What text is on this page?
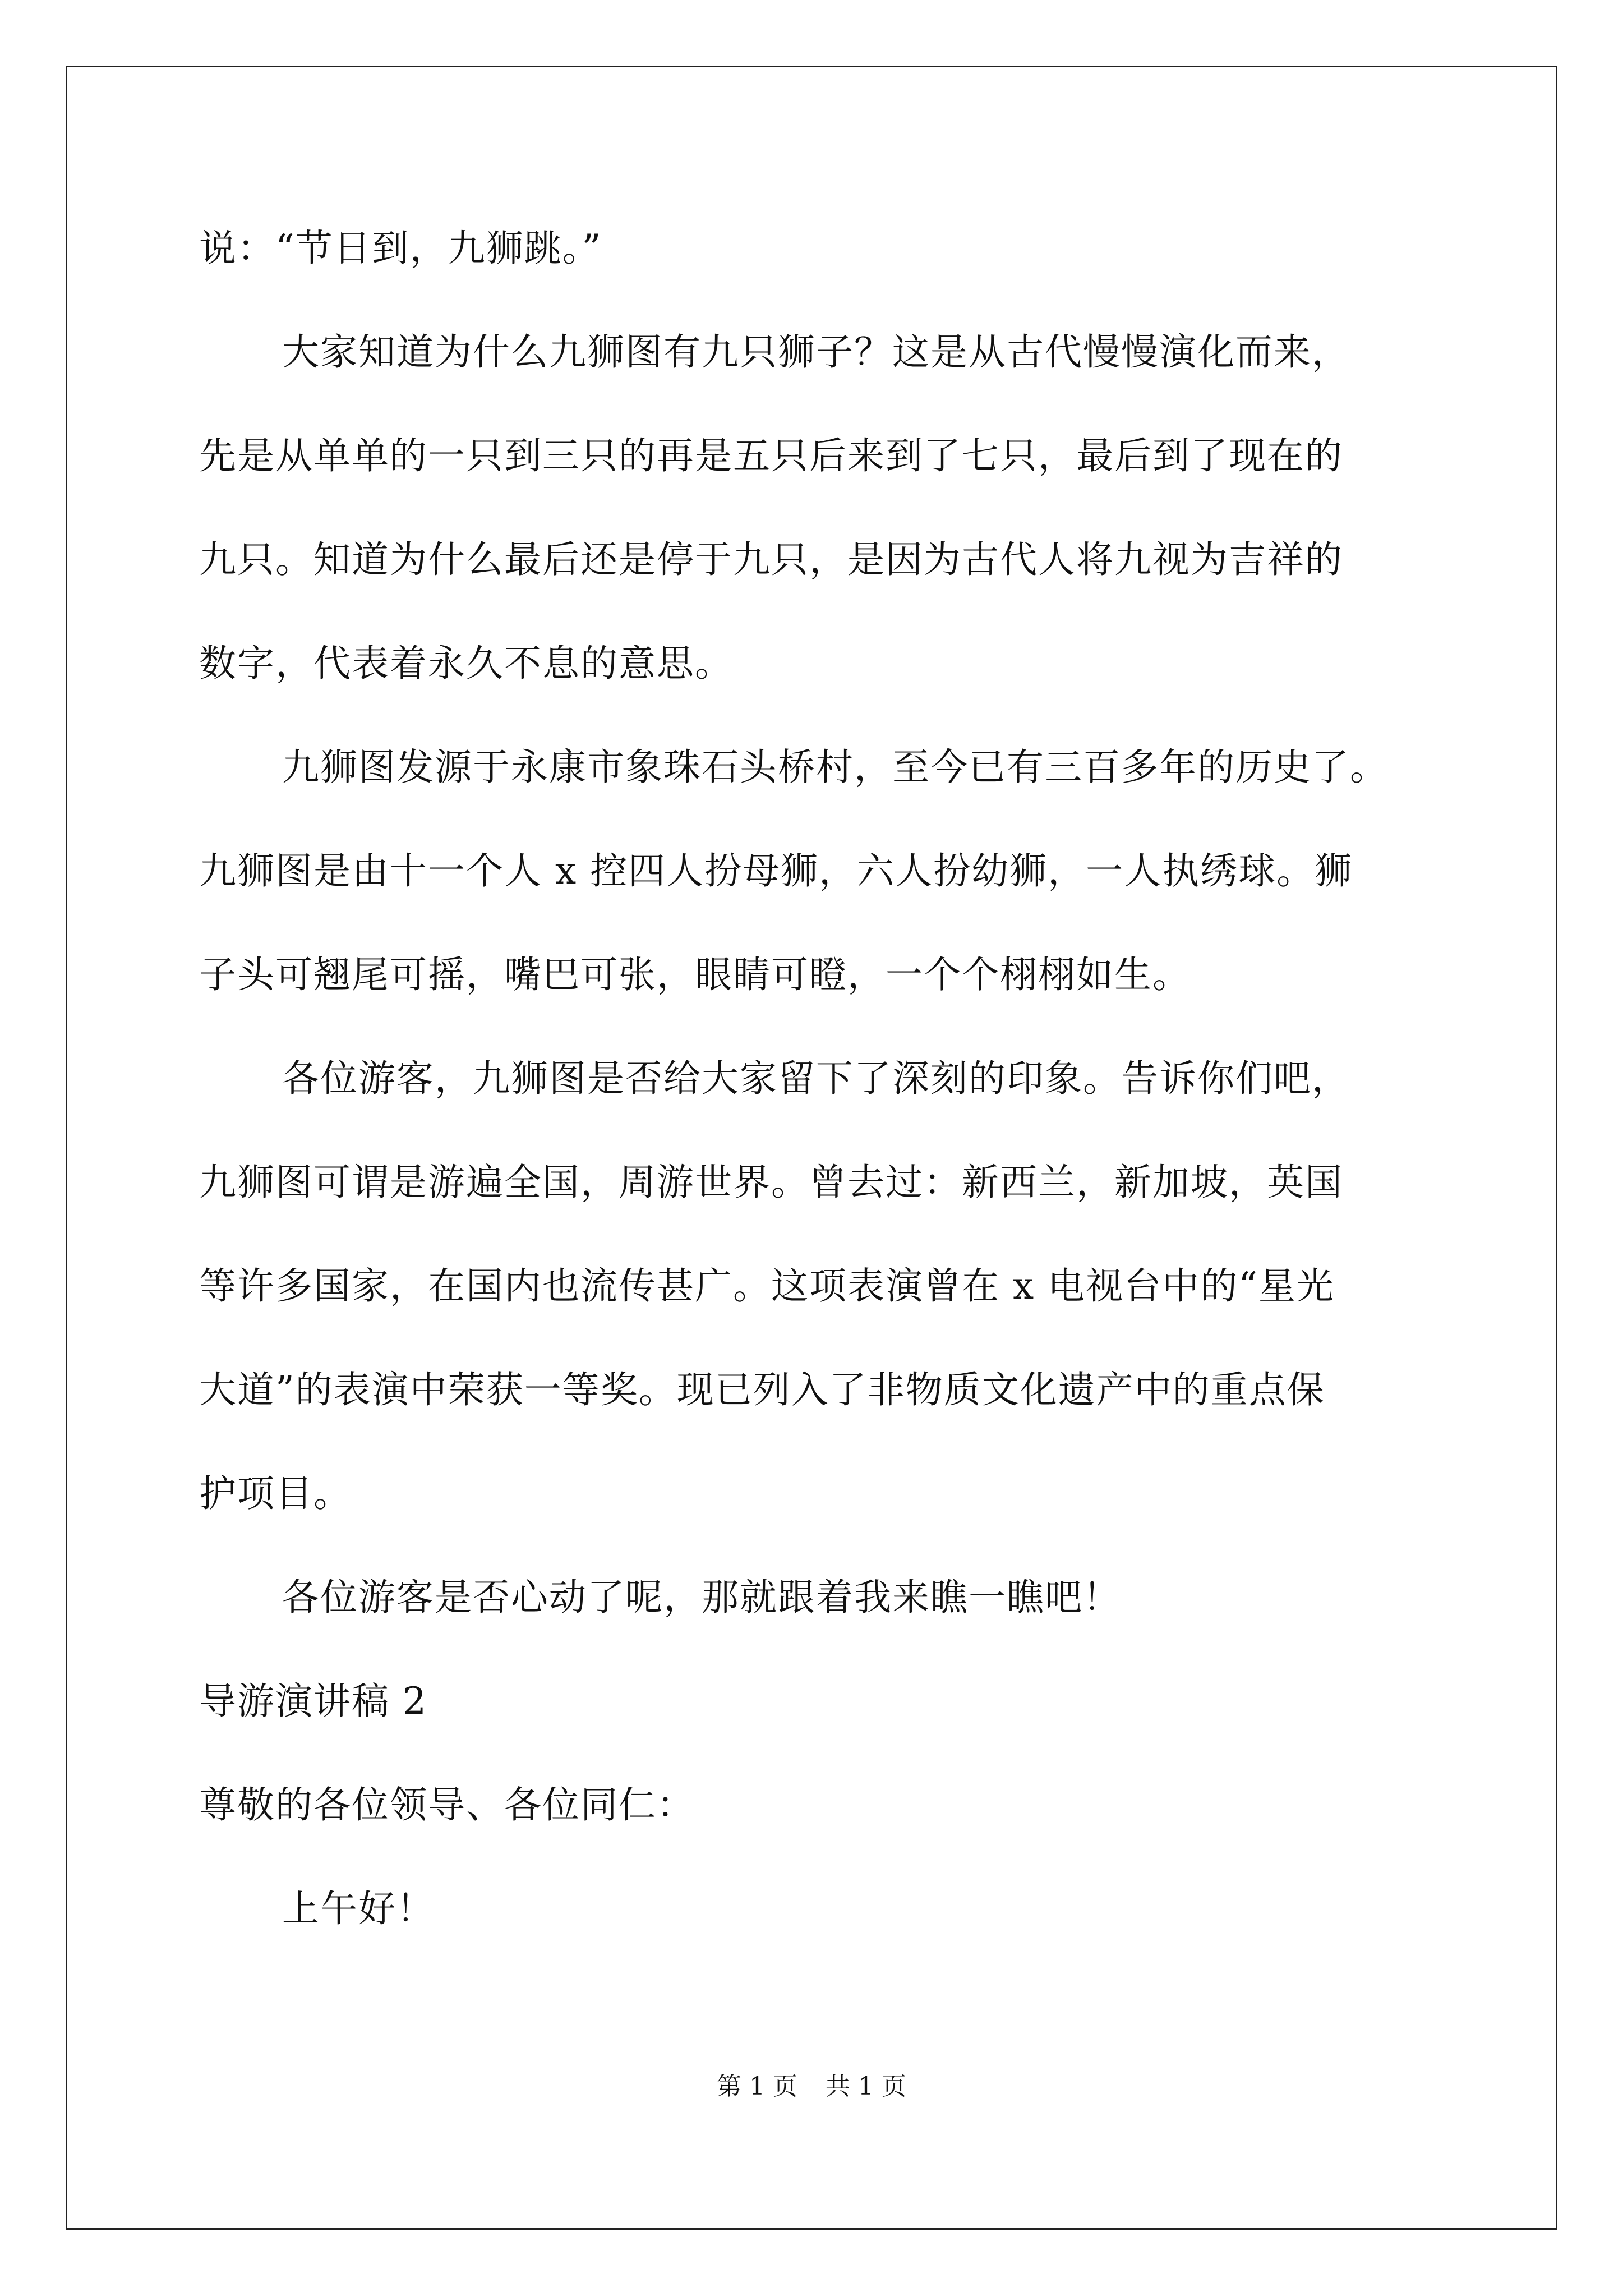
说：“节日到，九狮跳。”
大家知道为什么九狮图有九只狮子？这是从古代慢慢演化而来，
先是从单单的一只到三只的再是五只后来到了七只，最后到了现在的
九只。知道为什么最后还是停于九只，是因为古代人将九视为吉祥的
数字，代表着永久不息的意思。
九狮图发源于永康市象珠石头桥村，至今已有三百多年的历史了。
九狮图是由十一个人 x 控四人扮母狮，六人扮幼狮，一人执绣球。狮
子头可翘尾可摇，嘴巴可张，眼睛可瞪，一个个栩栩如生。
各位游客，九狮图是否给大家留下了深刻的印象。告诉你们吧，
九狮图可谓是游遍全国，周游世界。曾去过：新西兰，新加坡，英国
等许多国家，在国内也流传甚广。这项表演曾在 x 电视台中的“星光
大道”的表演中荣获一等奖。现已列入了非物质文化遗产中的重点保
护项目。
各位游客是否心动了呢，那就跟着我来瞧一瞧吧！
导游演讲稿 2
尊敬的各位领导、各位同仁：
上午好！
第 1 页 共 1 页
